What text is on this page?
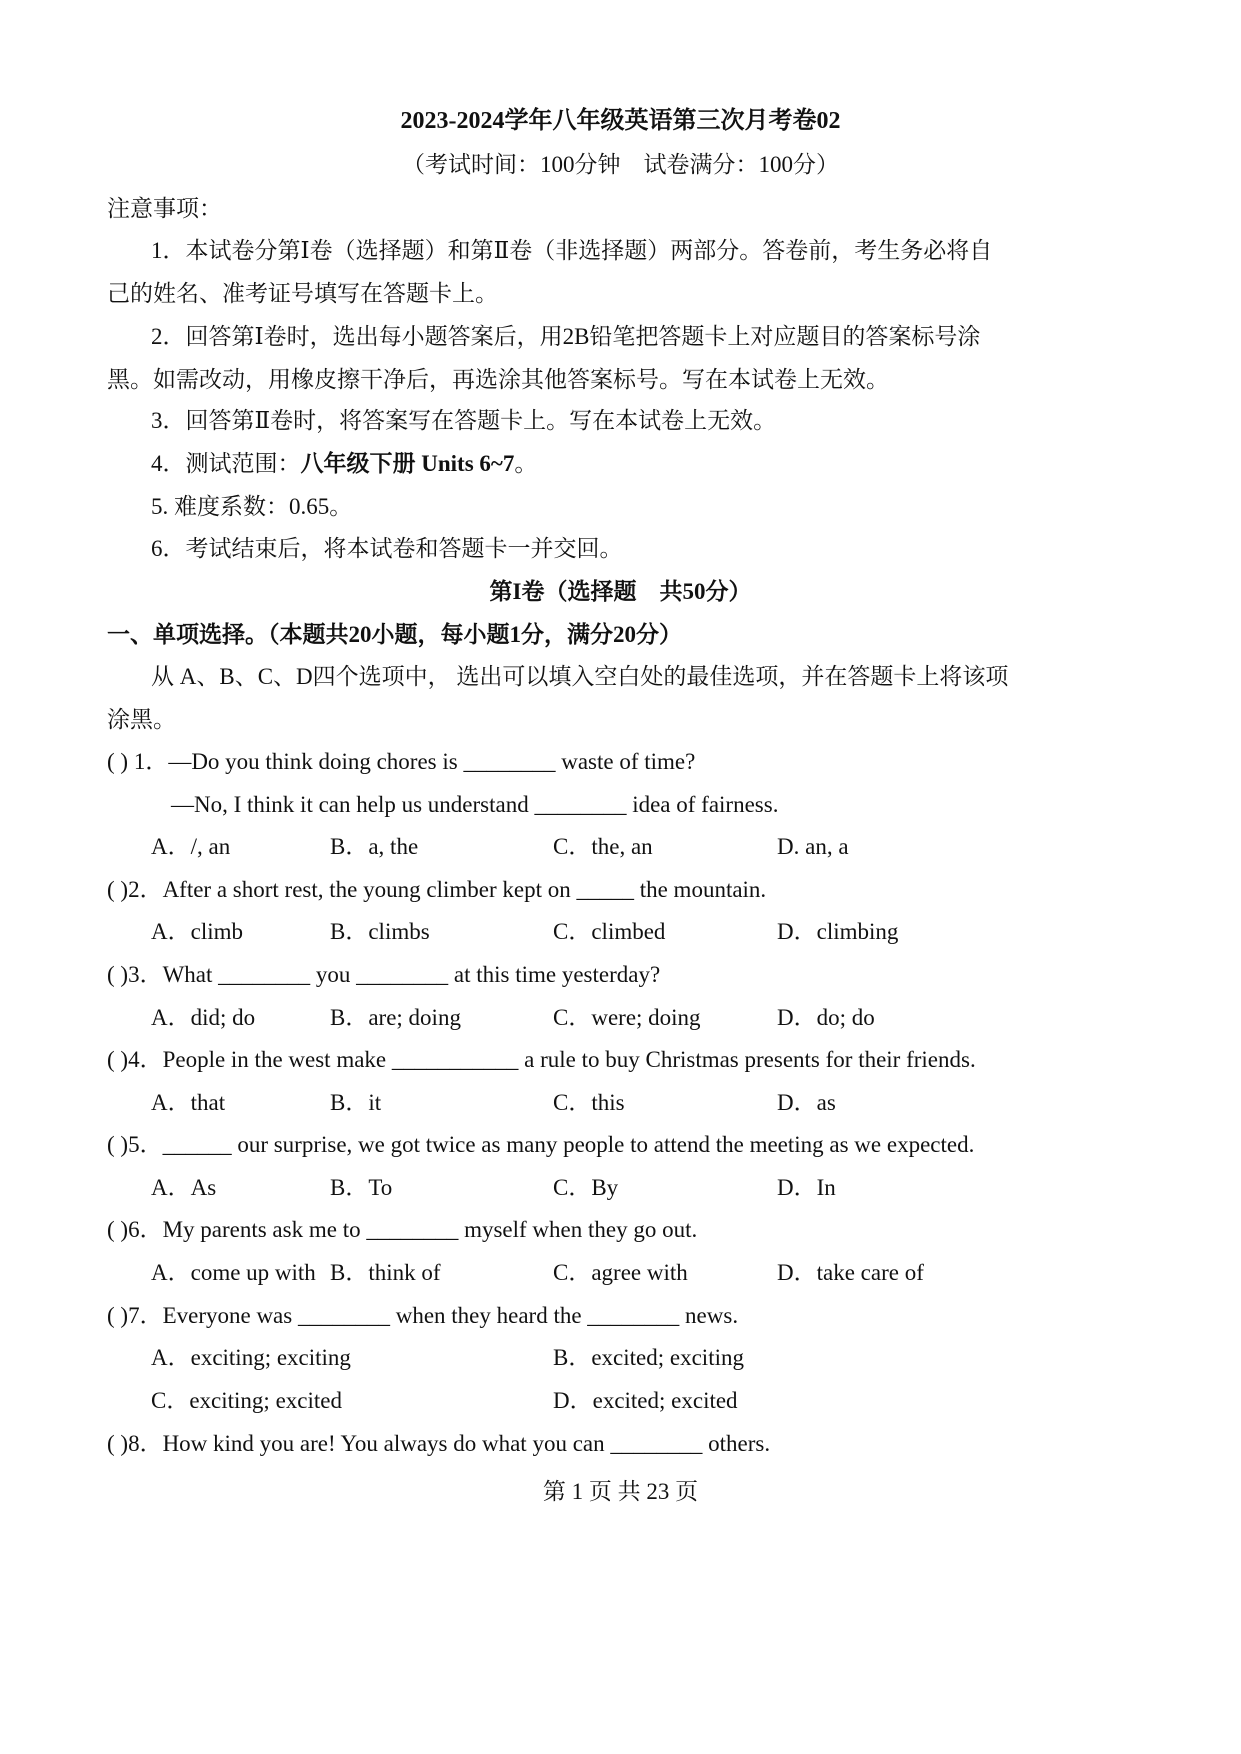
2023-2024学年八年级英语第三次月考卷02
（考试时间：100分钟　试卷满分：100分）
注意事项：
1．本试卷分第Ⅰ卷（选择题）和第Ⅱ卷（非选择题）两部分。答卷前，考生务必将自
己的姓名、准考证号填写在答题卡上。
2．回答第Ⅰ卷时，选出每小题答案后，用2B铅笔把答题卡上对应题目的答案标号涂
黑。如需改动，用橡皮擦干净后，再选涂其他答案标号。写在本试卷上无效。
3．回答第Ⅱ卷时，将答案写在答题卡上。写在本试卷上无效。
4．测试范围：八年级下册 Units 6~7。
5. 难度系数：0.65。
6．考试结束后，将本试卷和答题卡一并交回。
第I卷（选择题　共50分）
一、单项选择。（本题共20小题，每小题1分，满分20分）
从 A、B、C、D四个选项中， 选出可以填入空白处的最佳选项，并在答题卡上将该项
涂黑。
( ) 1．—Do you think doing chores is ________ waste of time?
—No, I think it can help us understand ________ idea of fairness.
A．/, an	B．a, the	C．the, an	D. an, a
( )2．After a short rest, the young climber kept on _____ the mountain.
A．climb	B．climbs	C．climbed	D．climbing
( )3．What ________ you ________ at this time yesterday?
A．did; do	B．are; doing	C．were; doing	D．do; do
( )4．People in the west make ___________ a rule to buy Christmas presents for their friends.
A．that	B．it	C．this	D．as
( )5．______ our surprise, we got twice as many people to attend the meeting as we expected.
A．As	B．To	C．By	D．In
( )6．My parents ask me to ________ myself when they go out.
A．come up with B．think of	C．agree with	D．take care of
( )7．Everyone was ________ when they heard the ________ news.
A．exciting; exciting	B．excited; exciting
C．exciting; excited	D．excited; excited
( )8．How kind you are! You always do what you can ________ others.
第 1 页 共 23 页
